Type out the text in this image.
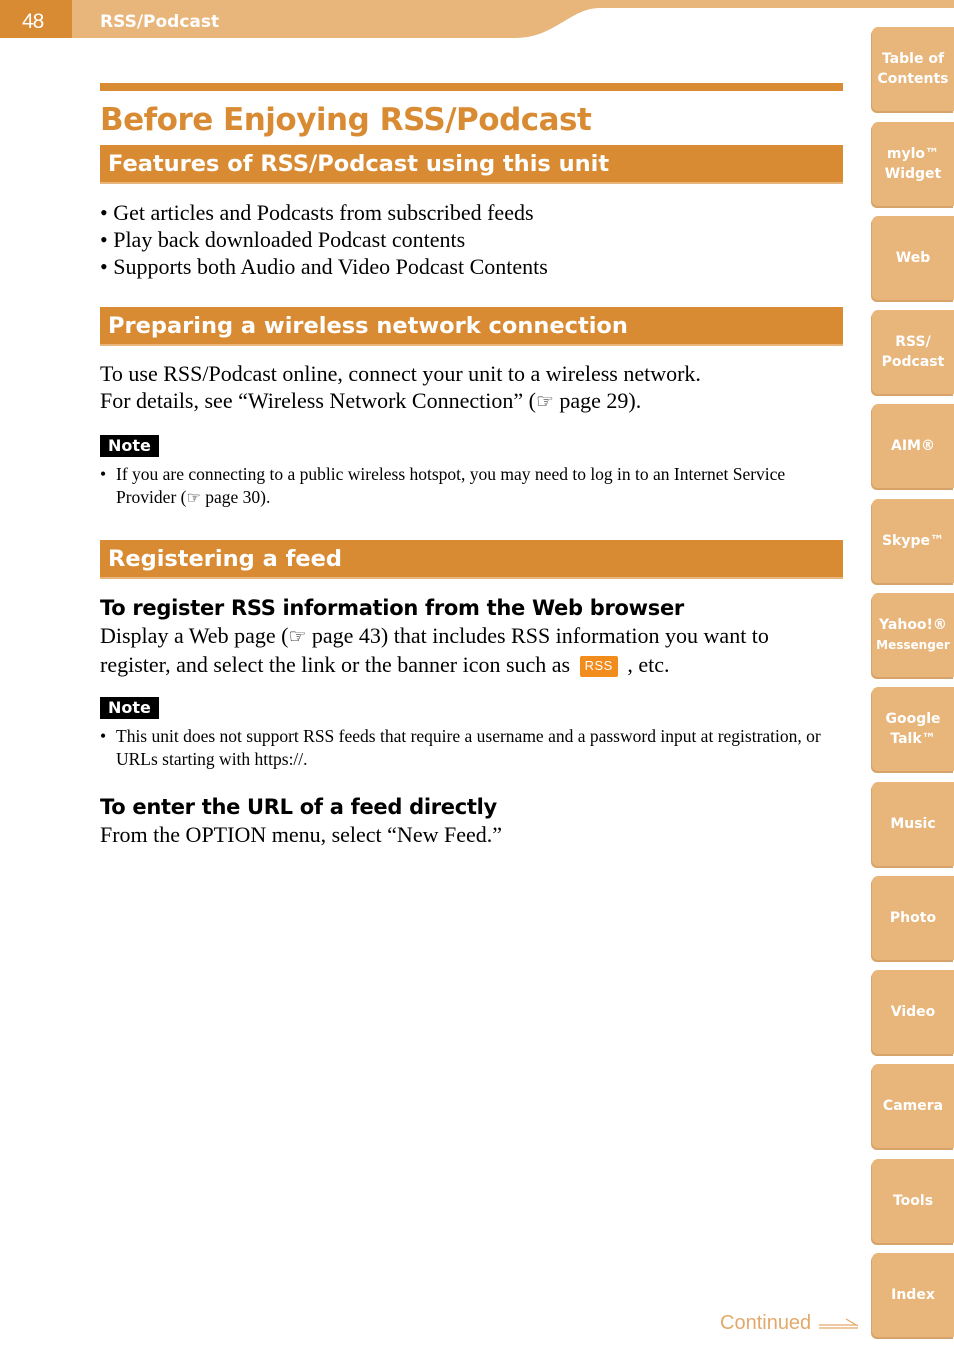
48	RSS/Podcast
Before Enjoying RSS/Podcast
Features of RSS/Podcast using this unit
• Get articles and Podcasts from subscribed feeds
• Play back downloaded Podcast contents
• Supports both Audio and Video Podcast Contents
Preparing a wireless network connection

To use RSS/Podcast online, connect your unit to a wireless network.
For details, see “Wireless Network Connection” (☞ page 29).

Note
• If you are connecting to a public wireless hotspot, you may need to log in to an Internet Service Provider (☞ page 30).
Registering a feed
To register RSS information from the Web browser

Display a Web page (☞ page 43) that includes RSS information you want to register, and select the link or the banner icon such as RSS , etc.

Note
• This unit does not support RSS feeds that require a username and a password input at registration, or URLs starting with https://.
To enter the URL of a feed directly

From the OPTION menu, select “New Feed.”

Table of
Contents
mylo™
Widget
Web
RSS/
Podcast
AIM®
Skype™
Yahoo!®
Messenger
Google
Talk™
Music
Photo
Video
Camera
Tools
Index
Continued
